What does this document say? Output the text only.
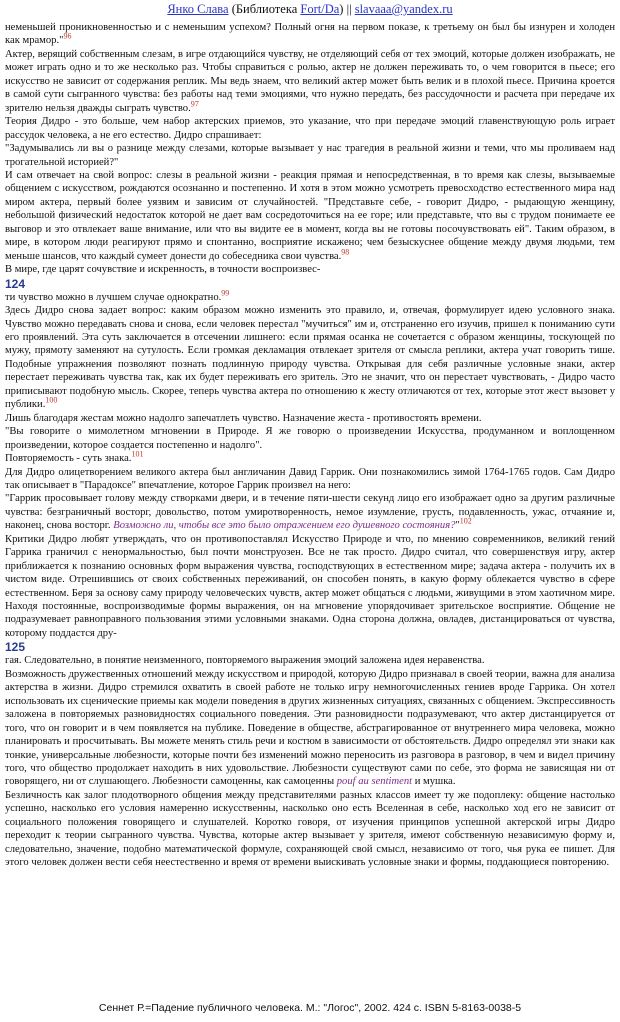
Янко Слава (Библиотека Fort/Da) || slavaaa@yandex.ru

неменьшей проникновенностью и с неменьшим успехом? Полный огня на первом показе, к третьему он был бы изнурен и холоден как мрамор."$^{96}$

Актер, верящий собственным слезам, в игре отдающийся чувству, не отделяющий себя от тех эмоций, которые должен изображать, не может играть одно и то же несколько раз. Чтобы справиться с ролью, актер не должен переживать то, о чем говорится в пьесе; его искусство не зависит от содержания реплик. Мы ведь знаем, что великий актер может быть велик и в плохой пьесе. Причина кроется в самой сути сыгранного чувства: без работы над теми эмоциями, что нужно передать, без рассудочности и расчета при передаче их зрителю нельзя дважды сыграть чувство.$^{97}$

Теория Дидро - это больше, чем набор актерских приемов, это указание, что при передаче эмоций главенствующую роль играет рассудок человека, а не его естество. Дидро спрашивает:

"Задумывались ли вы о разнице между слезами, которые вызывает у нас трагедия в реальной жизни и теми, что мы проливаем над трогательной историей?"

И сам отвечает на свой вопрос: слезы в реальной жизни - реакция прямая и непосредственная, в то время как слезы, вызываемые общением с искусством, рождаются осознанно и постепенно. И хотя в этом можно усмотреть превосходство естественного мира над миром актера, первый более уязвим и зависим от случайностей. "Представьте себе, - говорит Дидро, - рыдающую женщину, небольшой физический недостаток которой не дает вам сосредоточиться на ее горе; или представьте, что вы с трудом понимаете ее выговор и это отвлекает ваше внимание, или что вы видите ее в момент, когда вы не готовы посочувствовать ей". Таким образом, в мире, в котором люди реагируют прямо и спонтанно, восприятие искажено; чем безыскуснее общение между двумя людьми, тем меньше шансов, что каждый сумеет донести до собеседника свои чувства.$^{98}$

В мире, где царят сочувствие и искренность, в точности воспроизвес-

124

ти чувство можно в лучшем случае однократно.$^{99}$

Здесь Дидро снова задает вопрос: каким образом можно изменить это правило, и, отвечая, формулирует идею условного знака. Чувство можно передавать снова и снова, если человек перестал "мучиться" им и, отстраненно его изучив, пришел к пониманию сути его проявлений. Эта суть заключается в отсечении лишнего: если прямая осанка не сочетается с образом женщины, тоскующей по мужу, прямоту заменяют на сутулость. Если громкая декламация отвлекает зрителя от смысла реплики, актера учат говорить тише. Подобные упражнения позволяют познать подлинную природу чувства. Открывая для себя различные условные знаки, актер перестает переживать чувства так, как их будет переживать его зритель. Это не значит, что он перестает чувствовать, - Дидро часто приписывают подобную мысль. Скорее, теперь чувства актера по отношению к жесту отличаются от тех, которые этот жест вызовет у публики.$^{100}$

Лишь благодаря жестам можно надолго запечатлеть чувство. Назначение жеста - противостоять времени.

"Вы говорите о мимолетном мгновении в Природе. Я же говорю о произведении Искусства, продуманном и воплощенном произведении, которое создается постепенно и надолго".

Повторяемость - суть знака.$^{101}$

Для Дидро олицетворением великого актера был англичанин Давид Гаррик. Они познакомились зимой 1764-1765 годов. Сам Дидро так описывает в "Парадоксе" впечатление, которое Гаррик произвел на него:

"Гаррик просовывает голову между створками двери, и в течение пяти-шести секунд лицо его изображает одно за другим различные чувства: безграничный восторг, довольство, потом умиротворенность, немое изумление, грусть, подавленность, ужас, отчаяние и, наконец, снова восторг. Возможно ли, чтобы все это было отражением его душевного состояния?"$^{102}$

Критики Дидро любят утверждать, что он противопоставлял Искусство Природе и что, по мнению современников, великий гений Гаррика граничил с ненормальностью, был почти монструозен. Все не так просто. Дидро считал, что совершенствуя игру, актер приближается к познанию основных форм выражения чувства, господствующих в естественном мире; задача актера - получить их в чистом виде. Отрешившись от своих собственных переживаний, он способен понять, в какую форму облекается чувство в сфере естественном. Беря за основу саму природу человеческих чувств, актер может общаться с людьми, живущими в этом хаотичном мире. Находя постоянные, воспроизводимые формы выражения, он на мгновение упорядочивает зрительское восприятие. Общение не подразумевает равноправного пользования этими условными знаками. Одна сторона должна, овладев, дистанцироваться от чувства, которому поддастся дру-

125

гая. Следовательно, в понятие неизменного, повторяемого выражения эмоций заложена идея неравенства.

Возможность дружественных отношений между искусством и природой, которую Дидро признавал в своей теории, важна для анализа актерства в жизни. Дидро стремился охватить в своей работе не только игру немногочисленных гениев вроде Гаррика. Он хотел использовать их сценические приемы как модели поведения в других жизненных ситуациях, связанных с общением. Экспрессивность заложена в повторяемых разновидностях социального поведения. Эти разновидности подразумевают, что актер дистанцируется от того, что он говорит и в чем появляется на публике. Поведение в обществе, абстрагированное от внутреннего мира человека, можно планировать и просчитывать. Вы можете менять стиль речи и костюм в зависимости от обстоятельств. Дидро определял эти знаки как тонкие, универсальные любезности, которые почти без изменений можно переносить из разговора в разговор, в чем и видел причину того, что общество продолжает находить в них удовольствие. Любезности существуют сами по себе, это форма не зависящая ни от говорящего, ни от слушающего. Любезности самоценны, как самоценны pouf au sentiment и мушка.

Безличность как залог плодотворного общения между представителями разных классов имеет ту же подоплеку: общение настолько успешно, насколько его условия намеренно искусственны, насколько оно есть Вселенная в себе, насколько ход его не зависит от социального положения говорящего и слушателей. Коротко говоря, от изучения принципов успешной актерской игры Дидро переходит к теории сыгранного чувства. Чувства, которые актер вызывает у зрителя, имеют собственную независимую форму и, следовательно, значение, подобно математической формуле, сохраняющей свой смысл, независимо от того, чья рука ее пишет. Для этого человек должен вести себя неестественно и время от времени выискивать условные знаки и формы, поддающиеся повторению.

Сеннет Р.=Падение публичного человека. М.: "Логос", 2002. 424 с. ISBN 5-8163-0038-5
